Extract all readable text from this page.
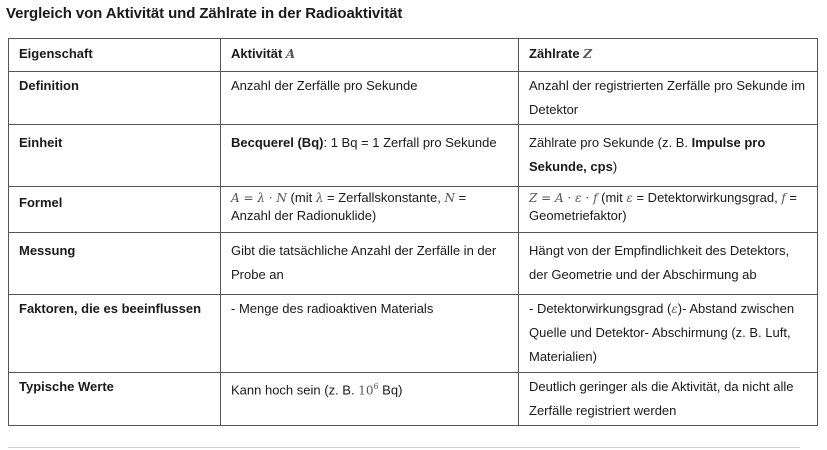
Vergleich von Aktivität und Zählrate in der Radioaktivität
Eigenschaft	Aktivität A	Zählrate Z
Definition	Anzahl der Zerfälle pro Sekunde	Anzahl der registrierten Zerfälle pro Sekunde im Detektor
Einheit	Becquerel (Bq): 1 Bq = 1 Zerfall pro Sekunde	Zählrate pro Sekunde (z. B. Impulse pro Sekunde, cps)
Formel	A = λ · N (mit λ = Zerfallskonstante, N = Anzahl der Radionuklide)	Z = A · ε · f (mit ε = Detektorwirkungsgrad, f = Geometriefaktor)
Messung	Gibt die tatsächliche Anzahl der Zerfälle in der Probe an	Hängt von der Empfindlichkeit des Detektors, der Geometrie und der Abschirmung ab
Faktoren, die es beeinflussen	- Menge des radioaktiven Materials	- Detektorwirkungsgrad (ε)- Abstand zwischen Quelle und Detektor- Abschirmung (z. B. Luft, Materialien)
Typische Werte	Kann hoch sein (z. B. $10^6$ Bq)	Deutlich geringer als die Aktivität, da nicht alle Zerfälle registriert werden
